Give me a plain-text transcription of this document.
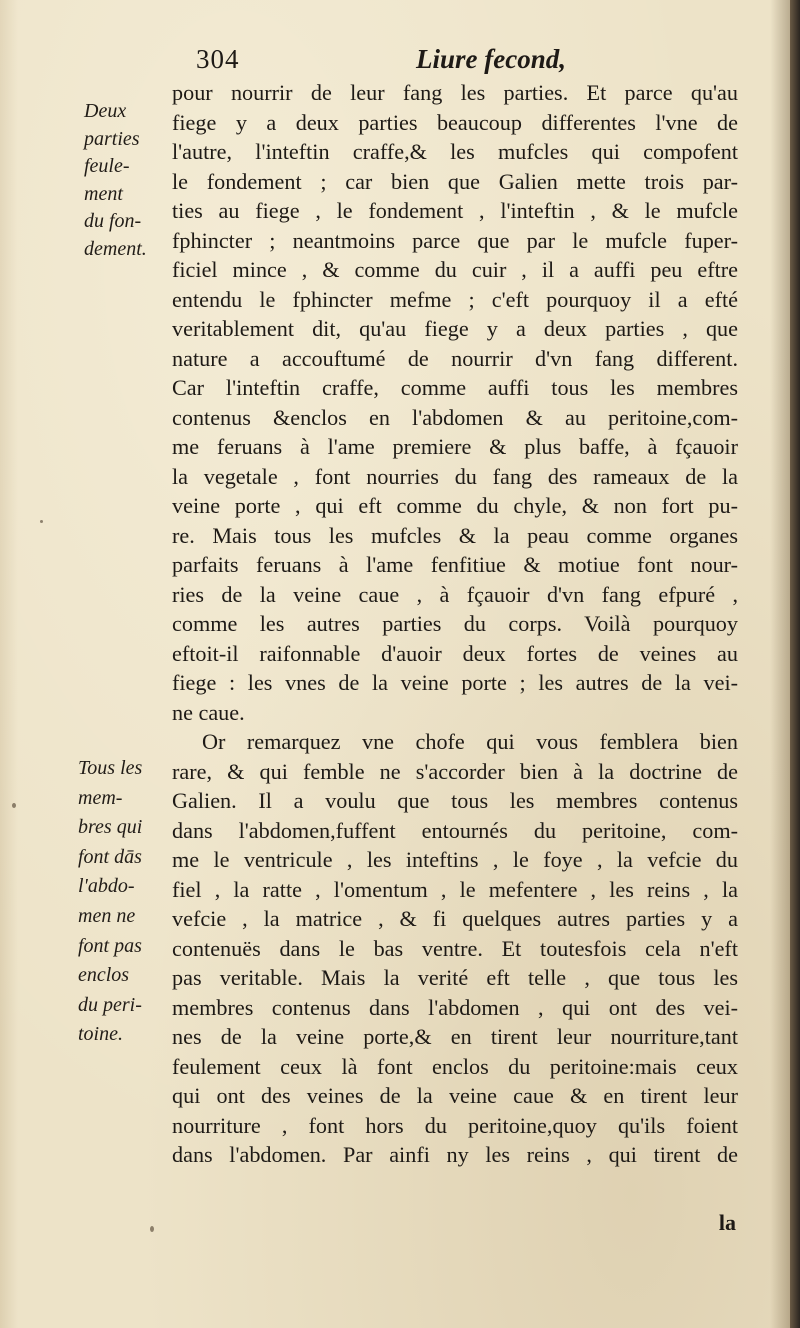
304	Liure fecond,
Deux
parties
feule-
ment
du fon-
dement.
Tous les
mem-
bres qui
font dās
l'abdo-
men ne
font pas
enclos
du peri-
toine.
pour nourrir de leur fang les parties. Et parce qu'au
fiege y a deux parties beaucoup differentes l'vne de
l'autre, l'inteftin craffe,& les mufcles qui compofent
le fondement ; car bien que Galien mette trois par-
ties au fiege , le fondement , l'inteftin , & le mufcle
fphincter ; neantmoins parce que par le mufcle fuper-
ficiel mince , & comme du cuir , il a auffi peu eftre
entendu le fphincter mefme ; c'eft pourquoy il a efté
veritablement dit, qu'au fiege y a deux parties , que
nature a accouftumé de nourrir d'vn fang different.
Car l'inteftin craffe, comme auffi tous les membres
contenus &enclos en l'abdomen & au peritoine,com-
me feruans à l'ame premiere & plus baffe, à fçauoir
la vegetale , font nourries du fang des rameaux de la
veine porte , qui eft comme du chyle, & non fort pu-
re. Mais tous les mufcles & la peau comme organes
parfaits feruans à l'ame fenfitiue & motiue font nour-
ries de la veine caue , à fçauoir d'vn fang efpuré ,
comme les autres parties du corps. Voilà pourquoy
eftoit-il raifonnable d'auoir deux fortes de veines au
fiege : les vnes de la veine porte ; les autres de la vei-
ne caue.
Or remarquez vne chofe qui vous femblera bien
rare, & qui femble ne s'accorder bien à la doctrine de
Galien. Il a voulu que tous les membres contenus
dans l'abdomen,fuffent entournés du peritoine, com-
me le ventricule , les inteftins , le foye , la vefcie du
fiel , la ratte , l'omentum , le mefentere , les reins , la
vefcie , la matrice , & fi quelques autres parties y a
contenuës dans le bas ventre. Et toutesfois cela n'eft
pas veritable. Mais la verité eft telle , que tous les
membres contenus dans l'abdomen , qui ont des vei-
nes de la veine porte,& en tirent leur nourriture,tant
feulement ceux là font enclos du peritoine:mais ceux
qui ont des veines de la veine caue & en tirent leur
nourriture , font hors du peritoine,quoy qu'ils foient
dans l'abdomen. Par ainfi ny les reins , qui tirent de
la
